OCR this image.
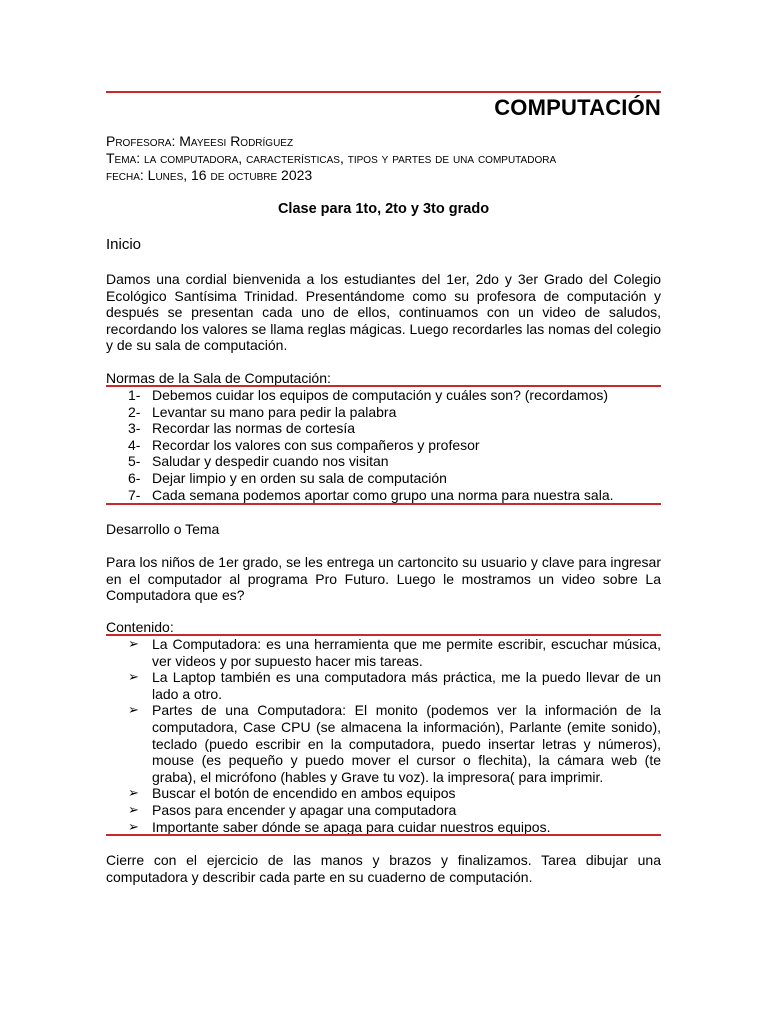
COMPUTACIÓN
Profesora: Mayeesi Rodríguez
Tema: la computadora, características, tipos y partes de una computadora
fecha: Lunes, 16 de octubre 2023
Clase para 1to, 2to y 3to grado
Inicio
Damos una cordial bienvenida a los estudiantes del 1er, 2do y 3er Grado del Colegio Ecológico Santísima Trinidad. Presentándome como su profesora de computación y después se presentan cada uno de ellos, continuamos con un video de saludos, recordando los valores se llama reglas mágicas. Luego recordarles las nomas del colegio y de su sala de computación.
Normas de la Sala de Computación:
1- Debemos cuidar los equipos de computación y cuáles son? (recordamos)
2- Levantar su mano para pedir la palabra
3- Recordar las normas de cortesía
4- Recordar los valores con sus compañeros y profesor
5- Saludar y despedir cuando nos visitan
6- Dejar limpio y en orden su sala de computación
7- Cada semana podemos aportar como grupo una norma para nuestra sala.
Desarrollo o Tema
Para los niños de 1er grado, se les entrega un cartoncito su usuario y clave para ingresar en el computador al programa Pro Futuro. Luego le mostramos un video sobre La Computadora que es?
Contenido:
➢ La Computadora: es una herramienta que me permite escribir, escuchar música, ver videos y por supuesto hacer mis tareas.
➢ La Laptop también es una computadora más práctica, me la puedo llevar de un lado a otro.
➢ Partes de una Computadora: El monito (podemos ver la información de la computadora, Case CPU (se almacena la información), Parlante (emite sonido), teclado (puedo escribir en la computadora, puedo insertar letras y números), mouse (es pequeño y puedo mover el cursor o flechita), la cámara web (te graba), el micrófono (hables y Grave tu voz). la impresora( para imprimir.
➢ Buscar el botón de encendido en ambos equipos
➢ Pasos para encender y apagar una computadora
➢ Importante saber dónde se apaga para cuidar nuestros equipos.
Cierre con el ejercicio de las manos y brazos y finalizamos. Tarea dibujar una computadora y describir cada parte en su cuaderno de computación.
